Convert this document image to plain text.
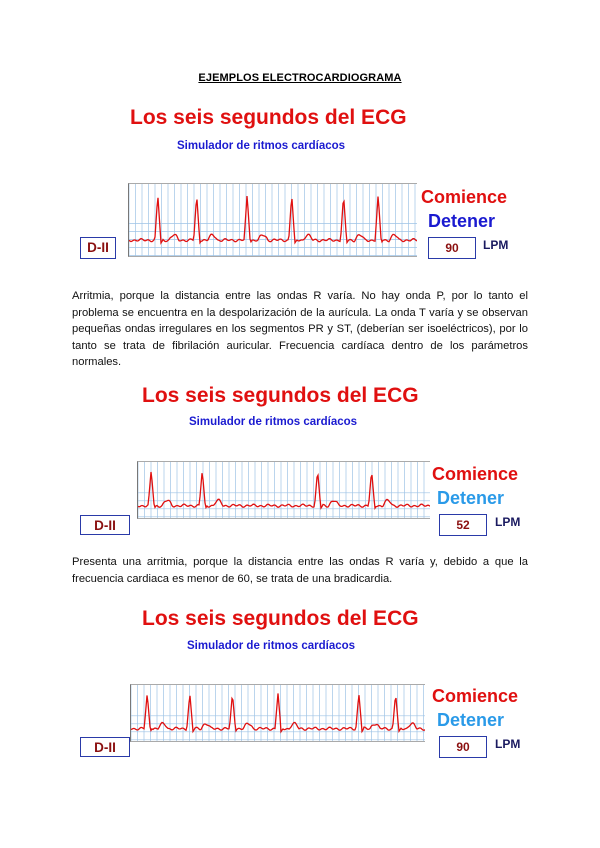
EJEMPLOS ELECTROCARDIOGRAMA
Los seis segundos del ECG
Simulador de ritmos cardíacos
D-II
Comience
Detener
90	LPM
Arritmia, porque la distancia entre las ondas R varía. No hay onda P, por lo tanto el problema se encuentra en la despolarización de la aurícula. La onda T varía y se observan pequeñas ondas irregulares en los segmentos PR y ST, (deberían ser isoeléctricos), por lo tanto se trata de fibrilación auricular. Frecuencia cardíaca dentro de los parámetros normales.
Los seis segundos del ECG
Simulador de ritmos cardíacos
D-II
Comience
Detener
52	LPM
Presenta una arritmia, porque la distancia entre las ondas R varía y, debido a que la frecuencia cardiaca es menor de 60, se trata de una bradicardia.
Los seis segundos del ECG
Simulador de ritmos cardíacos
D-II
Comience
Detener
90	LPM
